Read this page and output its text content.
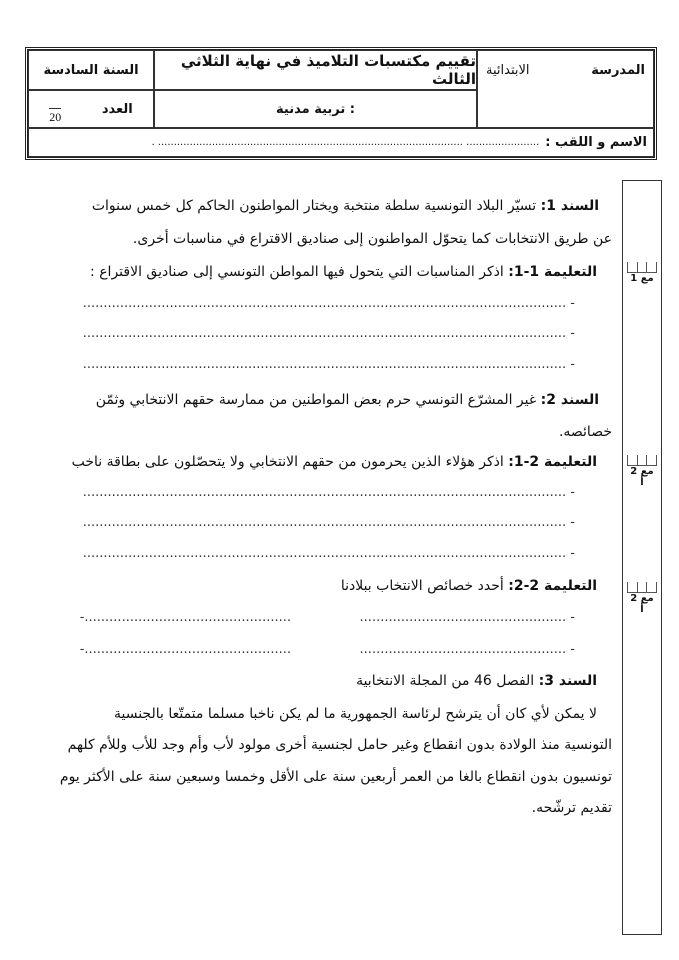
المدرسة
الابتدائية
تقييم مكتسبات التلاميذ في نهاية الثلاثي الثالث
السنة السادسة
: تربية مدنية
العدد
20
الاسم و اللقب :
....................... ................................................................................................ .
مع 1
مع 2 أ
مع 2 أ
السند 1: تسيّر البلاد التونسية سلطة منتخبة ويختار المواطنون الحاكم كل خمس سنوات
عن طريق الانتخابات كما يتحوّل المواطنون إلى صناديق الاقتراع في مناسبات أخرى.
التعليمة 1-1: اذكر المناسبات التي يتحول فيها المواطن التونسي إلى صناديق الاقتراع :
- .....................................................................................................................
- .....................................................................................................................
- .....................................................................................................................
السند 2: غير المشرّع التونسي حرم بعض المواطنين من ممارسة حقهم الانتخابي وثمّن
خصائصه.
التعليمة 2-1: اذكر هؤلاء الذين يحرمون من حقهم الانتخابي ولا يتحصّلون على بطاقة ناخب
- .....................................................................................................................
- .....................................................................................................................
- .....................................................................................................................
التعليمة 2-2: أحدد خصائص الانتخاب ببلادنا
- ..................................................
..................................................-
- ..................................................
..................................................-
السند 3: الفصل 46 من المجلة الانتخابية
لا يمكن لأي كان أن يترشح لرئاسة الجمهورية ما لم يكن ناخبا مسلما متمتّعا بالجنسية
التونسية منذ الولادة بدون انقطاع وغير حامل لجنسية أخرى مولود لأب وأم وجد للأب وللأم كلهم
تونسيون بدون انقطاع بالغا من العمر أربعين سنة على الأقل وخمسا وسبعين سنة على الأكثر يوم
تقديم ترشّحه.
